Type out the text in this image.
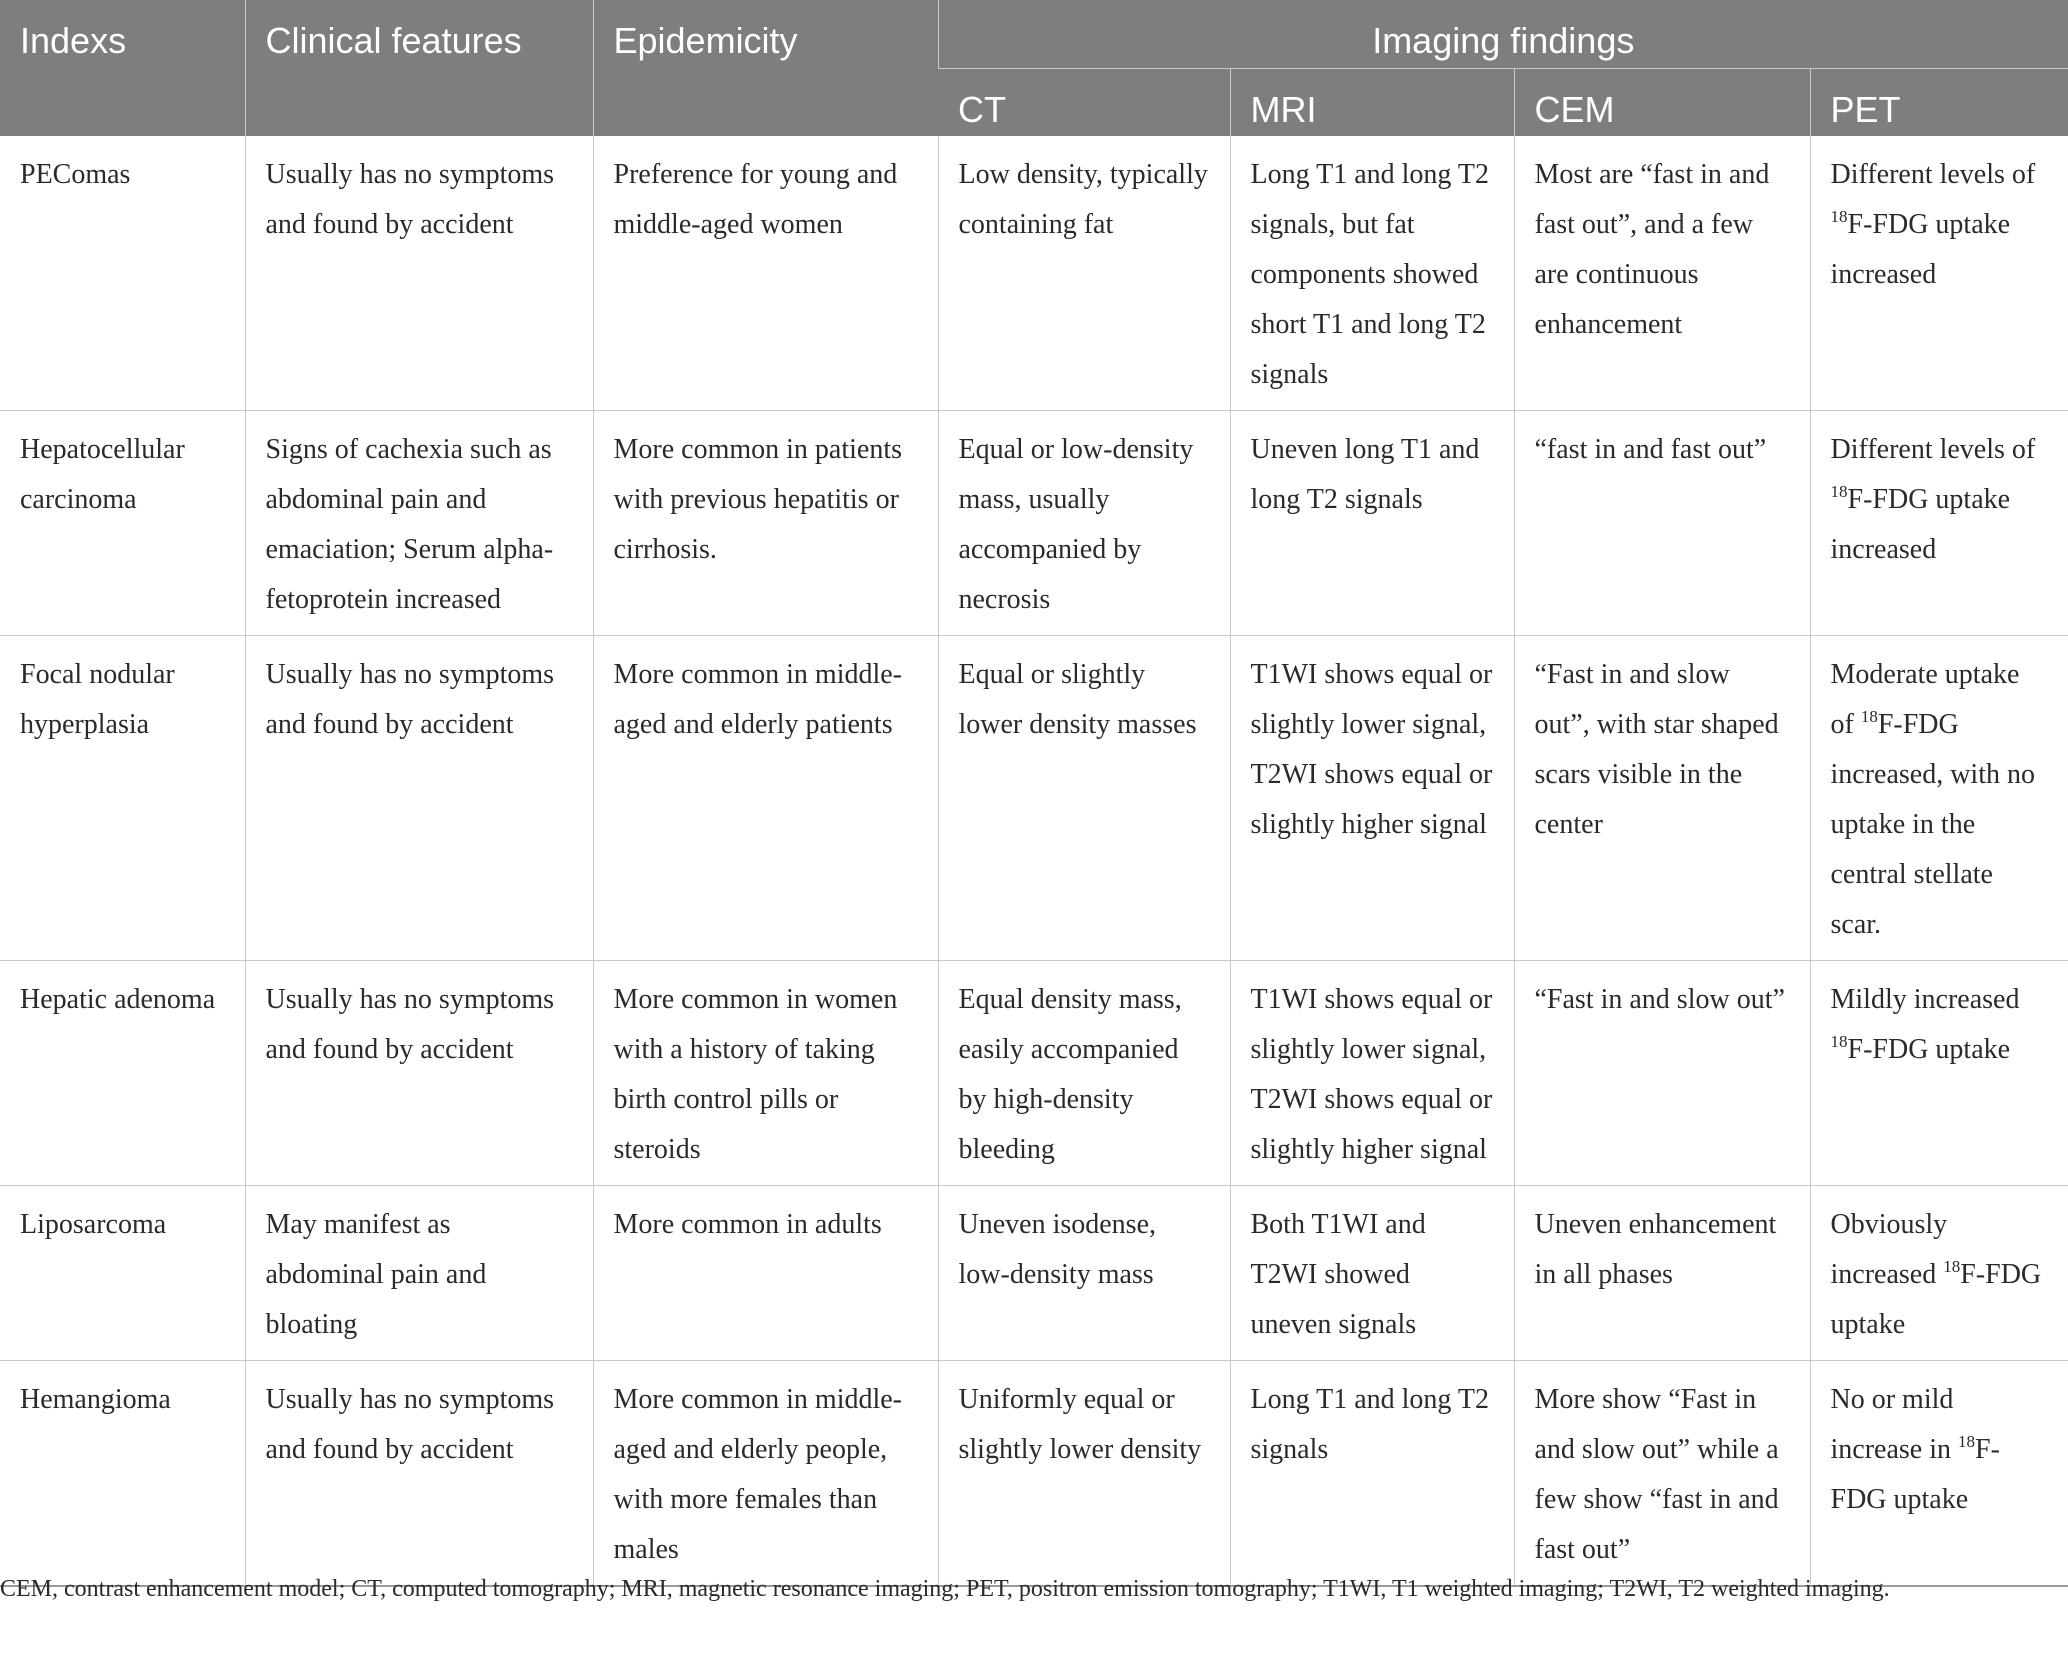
Indexs	Clinical features	Epidemicity	Imaging findings			
			CT	MRI	CEM	PET
PEComas	Usually has no symptoms and found by accident	Preference for young and middle-aged women	Low density, typically containing fat	Long T1 and long T2 signals, but fat components showed short T1 and long T2 signals	Most are “fast in and fast out”, and a few are continuous enhancement	Different levels of $^{18}$F-FDG uptake increased
Hepatocellular carcinoma	Signs of cachexia such as abdominal pain and emaciation; Serum alpha-fetoprotein increased	More common in patients with previous hepatitis or cirrhosis.	Equal or low-density mass, usually accompanied by necrosis	Uneven long T1 and long T2 signals	“fast in and fast out”	Different levels of $^{18}$F-FDG uptake increased
Focal nodular hyperplasia	Usually has no symptoms and found by accident	More common in middle-aged and elderly patients	Equal or slightly lower density masses	T1WI shows equal or slightly lower signal, T2WI shows equal or slightly higher signal	“Fast in and slow out”, with star shaped scars visible in the center	Moderate uptake of $^{18}$F-FDG increased, with no uptake in the central stellate scar.
Hepatic adenoma	Usually has no symptoms and found by accident	More common in women with a history of taking birth control pills or steroids	Equal density mass, easily accompanied by high-density bleeding	T1WI shows equal or slightly lower signal, T2WI shows equal or slightly higher signal	“Fast in and slow out”	Mildly increased $^{18}$F-FDG uptake
Liposarcoma	May manifest as abdominal pain and bloating	More common in adults	Uneven isodense, low-density mass	Both T1WI and T2WI showed uneven signals	Uneven enhancement in all phases	Obviously increased $^{18}$F-FDG uptake
Hemangioma	Usually has no symptoms and found by accident	More common in middle-aged and elderly people, with more females than males	Uniformly equal or slightly lower density	Long T1 and long T2 signals	More show “Fast in and slow out” while a few show “fast in and fast out”	No or mild increase in $^{18}$F-FDG uptake
CEM, contrast enhancement model; CT, computed tomography; MRI, magnetic resonance imaging; PET, positron emission tomography; T1WI, T1 weighted imaging; T2WI, T2 weighted imaging.
